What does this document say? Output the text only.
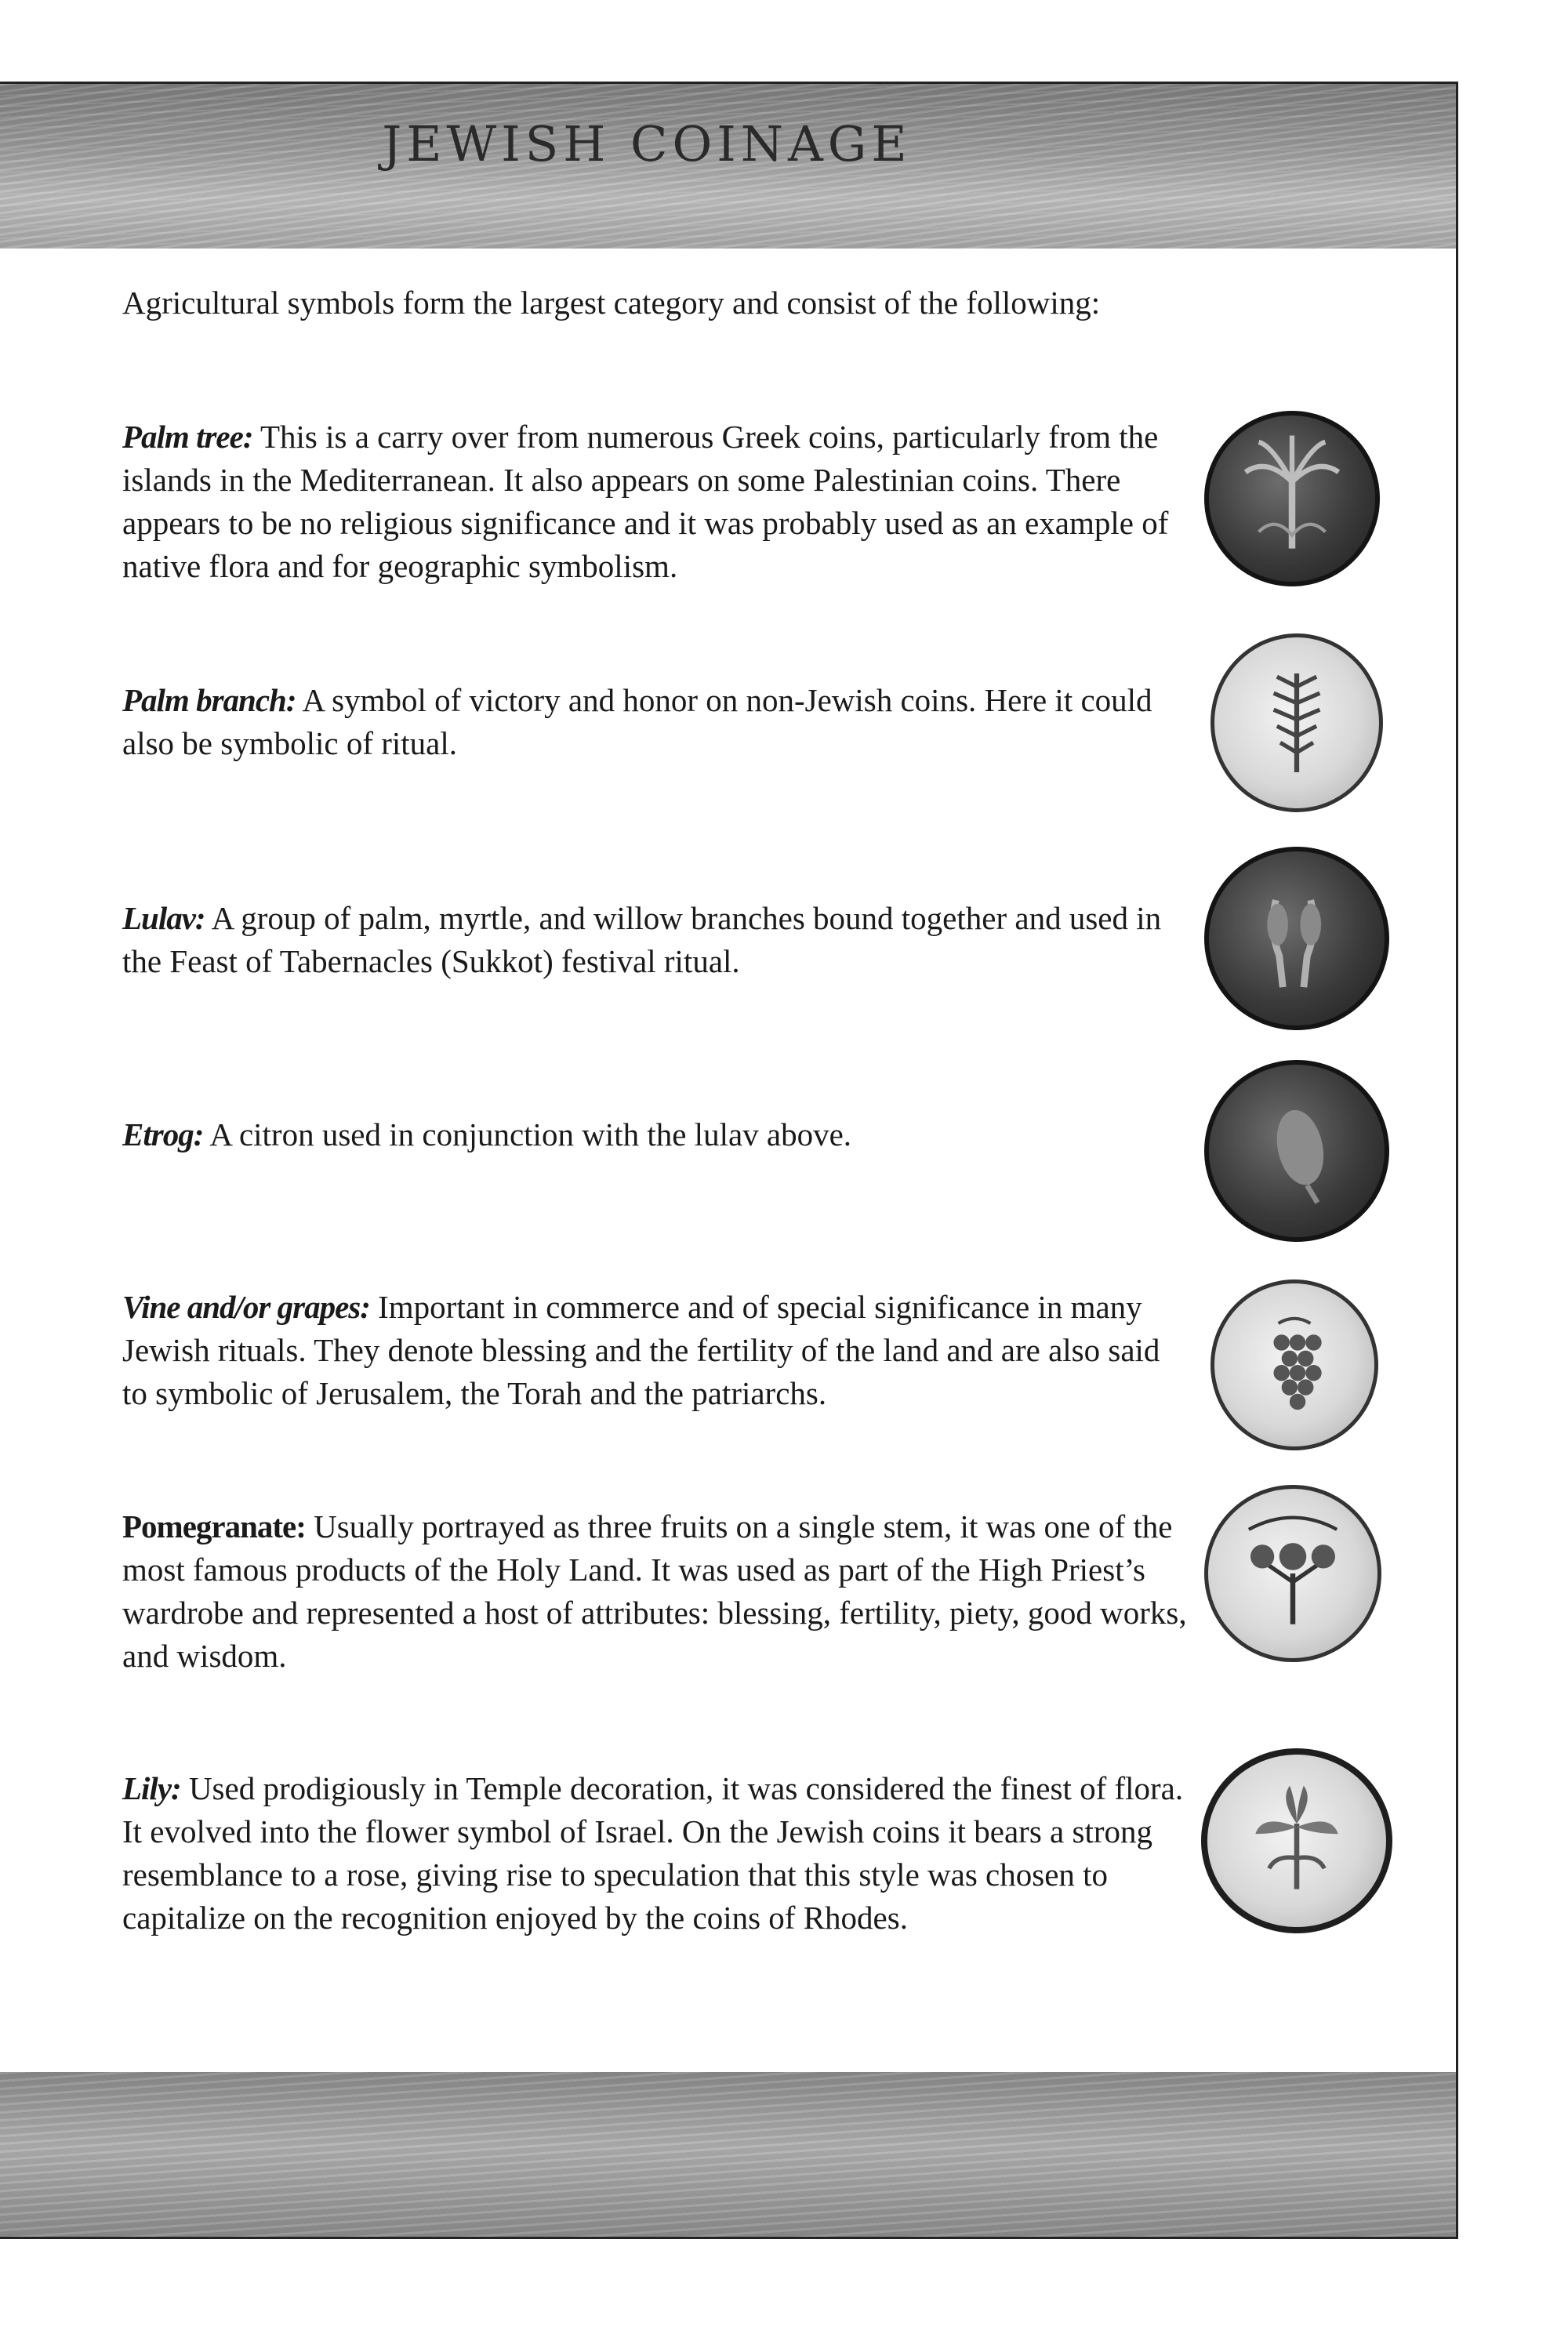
JEWISH COINAGE

Agricultural symbols form the largest category and consist of the following:

Palm tree: This is a carry over from numerous Greek coins, particularly from the islands in the Mediterranean. It also appears on some Palestinian coins. There appears to be no religious significance and it was probably used as an example of native flora and for geographic symbolism.

Palm branch: A symbol of victory and honor on non-Jewish coins. Here it could also be symbolic of ritual.

Lulav: A group of palm, myrtle, and willow branches bound together and used in the Feast of Tabernacles (Sukkot) festival ritual.

Etrog: A citron used in conjunction with the lulav above.

Vine and/or grapes: Important in commerce and of special significance in many Jewish rituals. They denote blessing and the fertility of the land and are also said to symbolic of Jerusalem, the Torah and the patriarchs.

Pomegranate: Usually portrayed as three fruits on a single stem, it was one of the most famous products of the Holy Land. It was used as part of the High Priest’s wardrobe and represented a host of attributes: blessing, fertility, piety, good works, and wisdom.

Lily: Used prodigiously in Temple decoration, it was considered the finest of flora. It evolved into the flower symbol of Israel. On the Jewish coins it bears a strong resemblance to a rose, giving rise to speculation that this style was chosen to capitalize on the recognition enjoyed by the coins of Rhodes.
